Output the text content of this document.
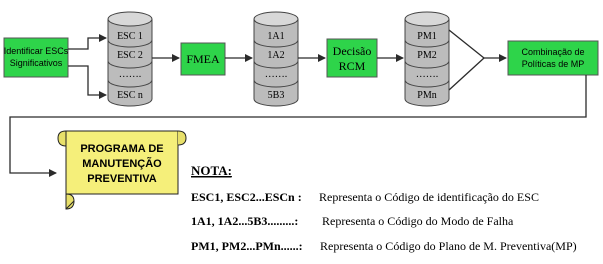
Identificar ESCs
Significativos
ESC 1
ESC 2
…….
ESC n
FMEA
1A1
1A2
…….
5B3
Decisão
RCM
PM1
PM2
…….
PMn
Combinação de
Políticas de MP
PROGRAMA DE
MANUTENÇÃO
PREVENTIVA
NOTA:
ESC1, ESC2...ESCn : Representa o Código de identificação do ESC
1A1, 1A2...5B3.........: Representa o Código do Modo de Falha
PM1, PM2...PMn......: Representa o Código do Plano de M. Preventiva(MP)
